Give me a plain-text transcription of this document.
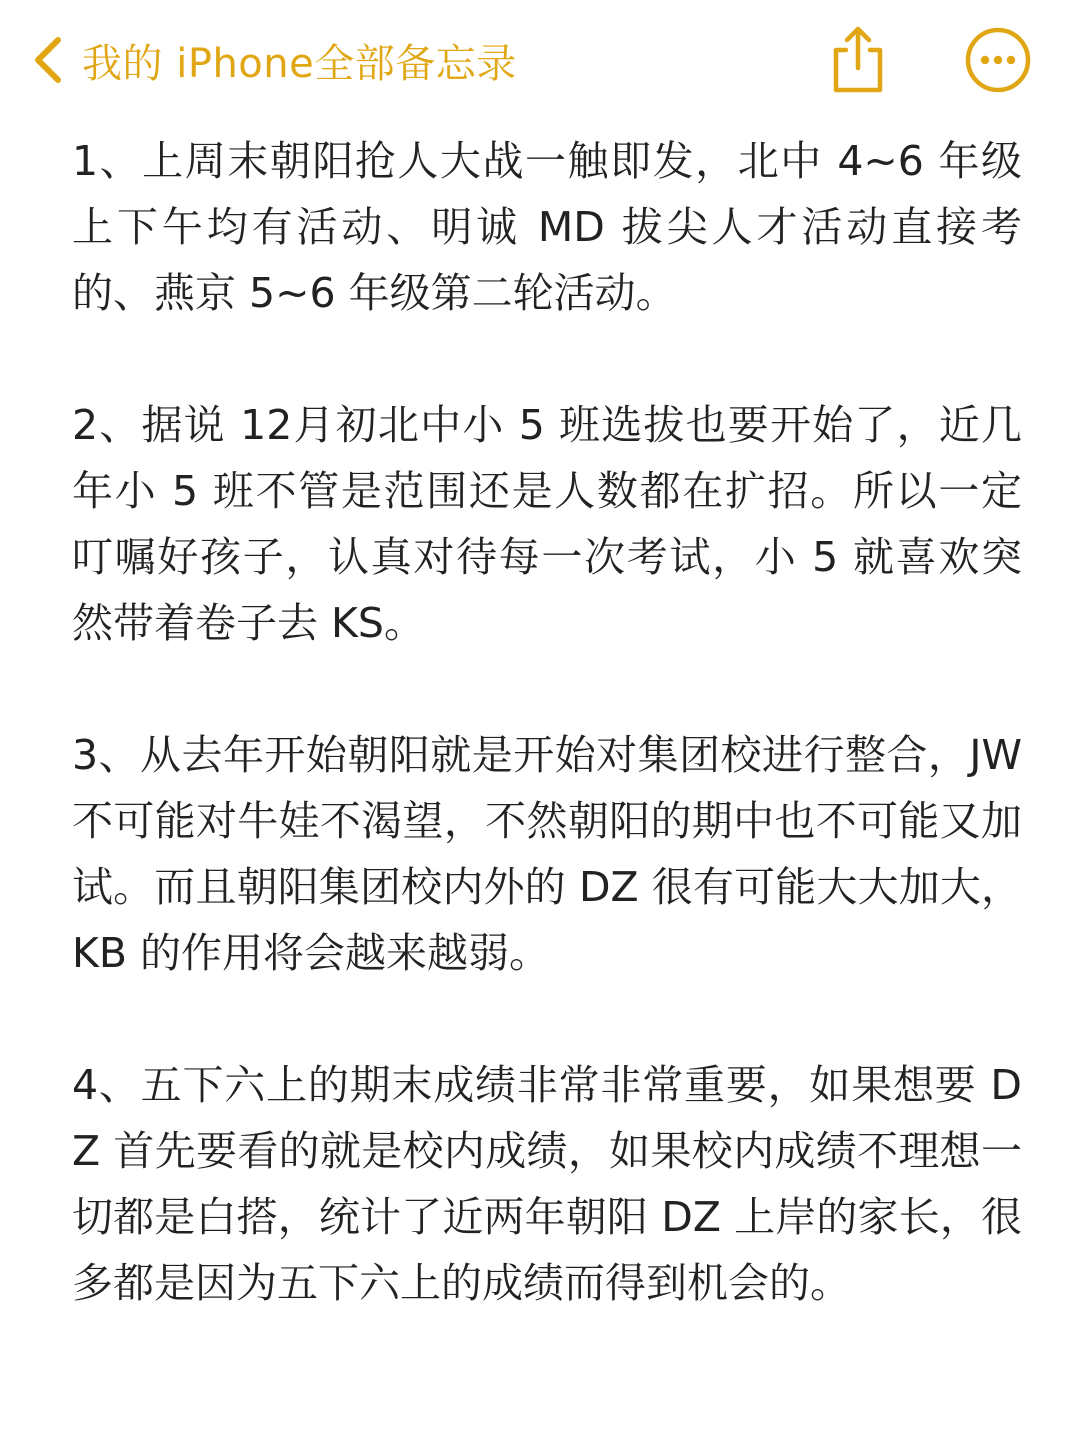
我的 iPhone全部备忘录

1、上周末朝阳抢人大战一触即发，北中 4~6 年级上下午均有活动、明诚 MD 拔尖人才活动直接考的、燕京 5~6 年级第二轮活动。

2、据说 12月初北中小 5 班选拔也要开始了，近几年小 5 班不管是范围还是人数都在扩招。所以一定叮嘱好孩子，认真对待每一次考试，小 5 就喜欢突然带着卷子去 KS。

3、从去年开始朝阳就是开始对集团校进行整合，JW 不可能对牛娃不渴望，不然朝阳的期中也不可能又加试。而且朝阳集团校内外的 DZ 很有可能大大加大，KB 的作用将会越来越弱。

4、五下六上的期末成绩非常非常重要，如果想要 DZ 首先要看的就是校内成绩，如果校内成绩不理想一切都是白搭，统计了近两年朝阳 DZ 上岸的家长，很多都是因为五下六上的成绩而得到机会的。
